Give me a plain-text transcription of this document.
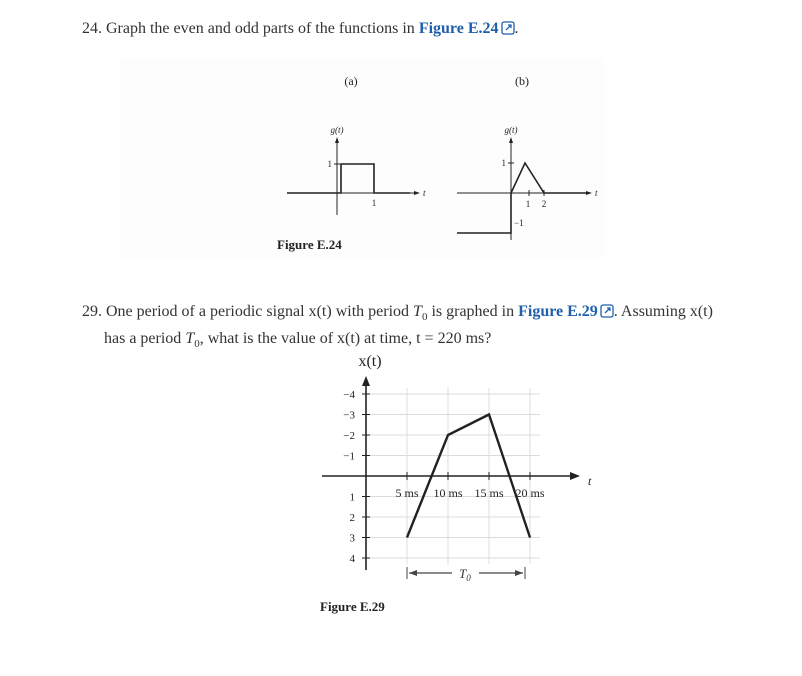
24. Graph the even and odd parts of the functions in Figure E.24 .
(a)
g(t)
t
1
1
(b)
g(t)
t
1
−1
1 2
Figure E.24
29. One period of a periodic signal x(t) with period $T_0$ is graphed in Figure E.29 . Assuming x(t)
has a period $T_0$, what is the value of x(t) at time, t = 220 ms?
x(t)
t
4
3
2
1
−1
−2
−3
−4
5 ms 10 ms 15 ms 20 ms
$T_0$
Figure E.29
